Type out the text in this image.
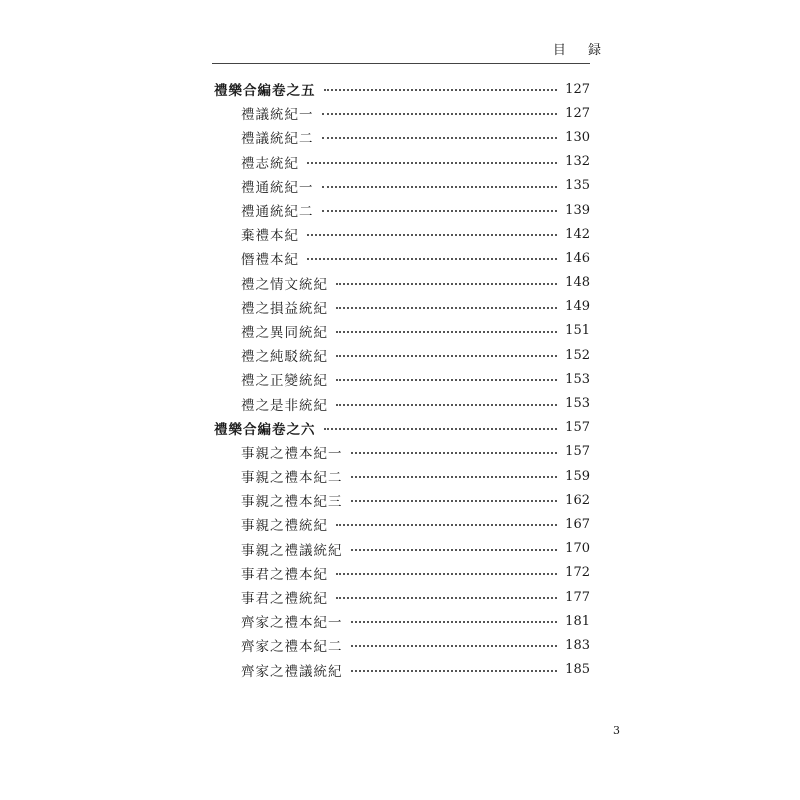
目 録
禮樂合編卷之五	127
禮議統紀一	127
禮議統紀二	130
禮志統紀	132
禮通統紀一	135
禮通統紀二	139
棄禮本紀	142
僭禮本紀	146
禮之情文統紀	148
禮之損益統紀	149
禮之異同統紀	151
禮之純駁統紀	152
禮之正變統紀	153
禮之是非統紀	153
禮樂合編卷之六	157
事親之禮本紀一	157
事親之禮本紀二	159
事親之禮本紀三	162
事親之禮統紀	167
事親之禮議統紀	170
事君之禮本紀	172
事君之禮統紀	177
齊家之禮本紀一	181
齊家之禮本紀二	183
齊家之禮議統紀	185
3
